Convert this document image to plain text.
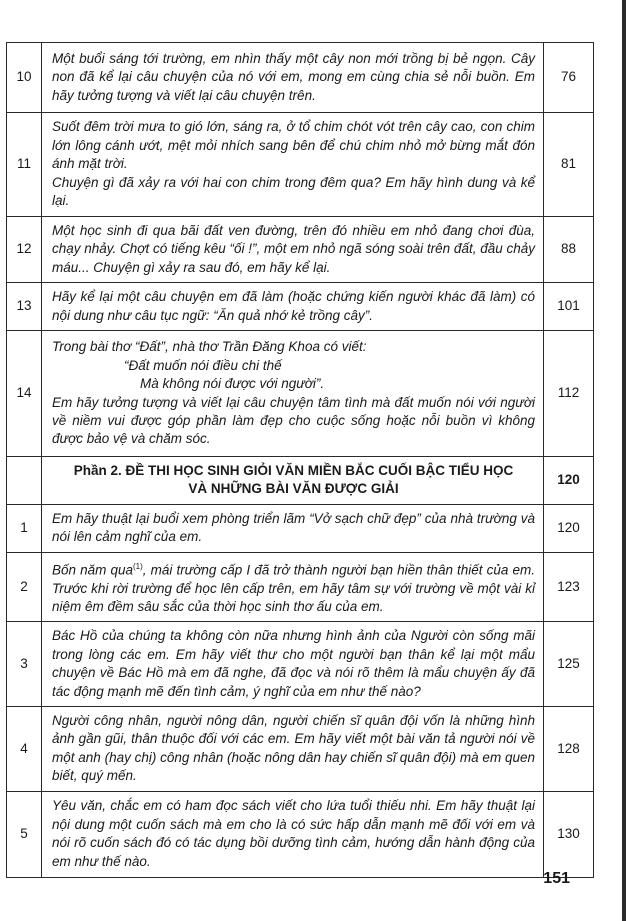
10	Một buổi sáng tới trường, em nhìn thấy một cây non mới trồng bị bẻ ngọn. Cây non đã kể lại câu chuyện của nó với em, mong em cùng chia sẻ nỗi buồn. Em hãy tưởng tượng và viết lại câu chuyện trên.	76
11	Suốt đêm trời mưa to gió lớn, sáng ra, ở tổ chim chót vót trên cây cao, con chim lớn lông cánh ướt, mệt mỏi nhích sang bên để chú chim nhỏ mở bừng mắt đón ánh mặt trời.

Chuyện gì đã xảy ra với hai con chim trong đêm qua? Em hãy hình dung và kể lại.	81
12	Một học sinh đi qua bãi đất ven đường, trên đó nhiều em nhỏ đang chơi đùa, chạy nhảy. Chợt có tiếng kêu “ối !”, một em nhỏ ngã sóng soài trên đất, đầu chảy máu... Chuyện gì xảy ra sau đó, em hãy kể lại.	88
13	Hãy kể lại một câu chuyện em đã làm (hoặc chứng kiến người khác đã làm) có nội dung như câu tục ngữ: “Ăn quả nhớ kẻ trồng cây”.	101
14	Trong bài thơ “Đất”, nhà thơ Trần Đăng Khoa có viết:

“Đất muốn nói điều chi thế

Mà không nói được với người”.

Em hãy tưởng tượng và viết lại câu chuyện tâm tình mà đất muốn nói với người về niềm vui được góp phần làm đẹp cho cuộc sống hoặc nỗi buồn vì không được bảo vệ và chăm sóc.	112

	Phần 2. ĐỀ THI HỌC SINH GIỎI VĂN MIỀN BẮC CUỐI BẬC TIỂU HỌC
VÀ NHỮNG BÀI VĂN ĐƯỢC GIẢI	120
1	Em hãy thuật lại buổi xem phòng triển lãm “Vở sạch chữ đẹp” của nhà trường và nói lên cảm nghĩ của em.	120
2	Bốn năm qua$^{(1)}$, mái trường cấp I đã trở thành người bạn hiền thân thiết của em. Trước khi rời trường để học lên cấp trên, em hãy tâm sự với trường về một vài kỉ niệm êm đềm sâu sắc của thời học sinh thơ ấu của em.	123
3	Bác Hồ của chúng ta không còn nữa nhưng hình ảnh của Người còn sống mãi trong lòng các em. Em hãy viết thư cho một người bạn thân kể lại một mẩu chuyện về Bác Hồ mà em đã nghe, đã đọc và nói rõ thêm là mẩu chuyện ấy đã tác động mạnh mẽ đến tình cảm, ý nghĩ của em như thế nào?	125
4	Người công nhân, người nông dân, người chiến sĩ quân đội vốn là những hình ảnh gần gũi, thân thuộc đối với các em. Em hãy viết một bài văn tả người nói về một anh (hay chị) công nhân (hoặc nông dân hay chiến sĩ quân đội) mà em quen biết, quý mến.	128
5	Yêu văn, chắc em có ham đọc sách viết cho lứa tuổi thiếu nhi. Em hãy thuật lại nội dung một cuốn sách mà em cho là có sức hấp dẫn mạnh mẽ đối với em và nói rõ cuốn sách đó có tác dụng bồi dưỡng tình cảm, hướng dẫn hành động của em như thế nào.	130
151
